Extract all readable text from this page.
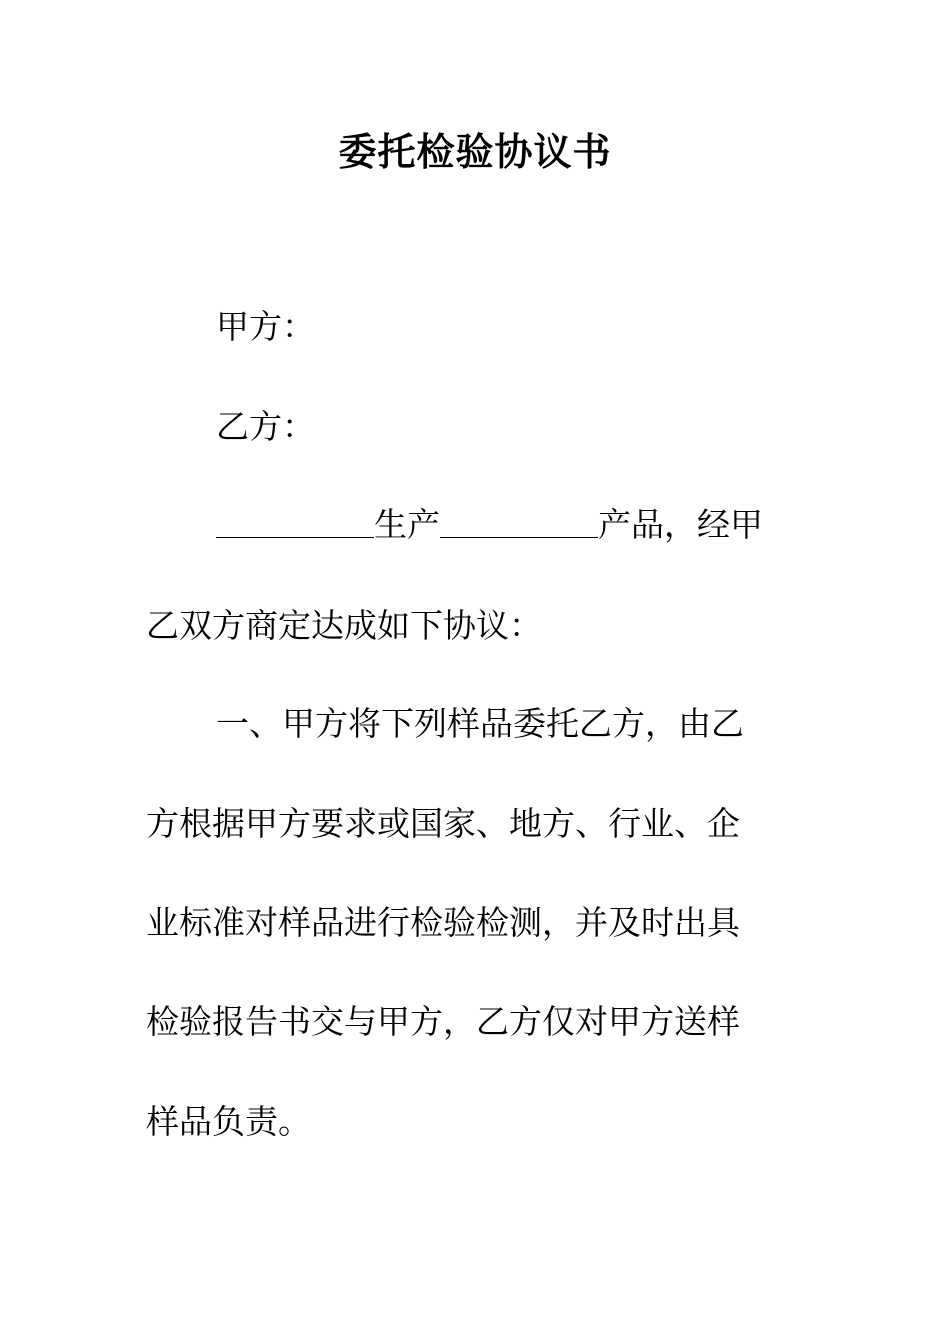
委托检验协议书
甲方：
乙方：
生产	产品，经甲
乙双方商定达成如下协议：
一、甲方将下列样品委托乙方，由乙
方根据甲方要求或国家、地方、行业、企
业标准对样品进行检验检测，并及时出具
检验报告书交与甲方，乙方仅对甲方送样
样品负责。
